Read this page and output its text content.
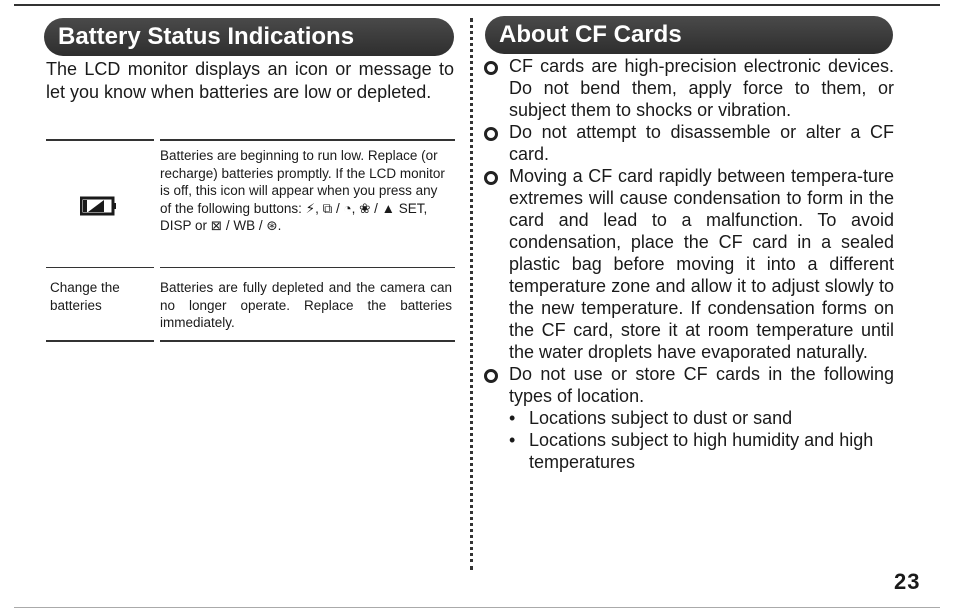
Battery Status Indications
The LCD monitor displays an icon or message to let you know when batteries are low or depleted.
Batteries are beginning to run low. Replace (or recharge) batteries promptly. If the LCD monitor is off, this icon will appear when you press any of the following buttons: ⚡, ⧉ / ◔, ❀ / ▲ SET, DISP or ⊠ / WB / ⊛.
Change the batteries
Batteries are fully depleted and the camera can no longer operate. Replace the batteries immediately.
About CF Cards
CF cards are high-precision electronic devices. Do not bend them, apply force to them, or subject them to shocks or vibration.
Do not attempt to disassemble or alter a CF card.
Moving a CF card rapidly between tempera-ture extremes will cause condensation to form in the card and lead to a malfunction. To avoid condensation, place the CF card in a sealed plastic bag before moving it into a different temperature zone and allow it to adjust slowly to the new temperature. If condensation forms on the CF card, store it at room temperature until the water droplets have evaporated naturally.
Do not use or store CF cards in the following types of location.
• Locations subject to dust or sand
• Locations subject to high humidity and high temperatures
23
